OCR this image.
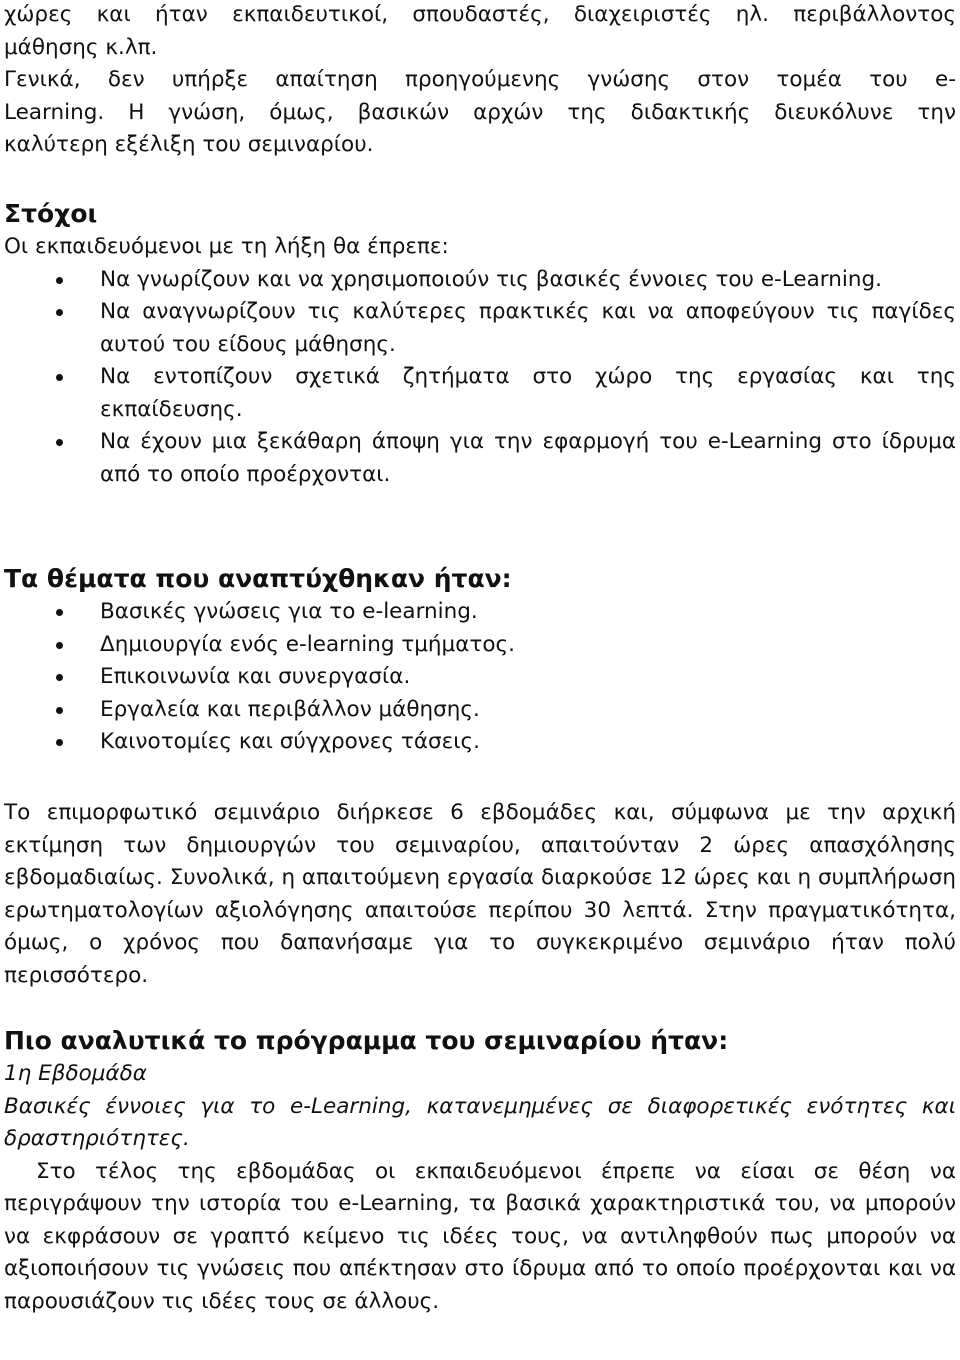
χώρες και ήταν εκπαιδευτικοί, σπουδαστές, διαχειριστές ηλ. περιβάλλοντος

μάθησης κ.λπ.

Γενικά, δεν υπήρξε απαίτηση προηγούμενης γνώσης στον τομέα του e-

Learning. Η γνώση, όμως, βασικών αρχών της διδακτικής διευκόλυνε την

καλύτερη εξέλιξη του σεμιναρίου.

Στόχοι

Οι εκπαιδευόμενοι με τη λήξη θα έπρεπε:

Να γνωρίζουν και να χρησιμοποιούν τις βασικές έννοιες του e-Learning.
Να αναγνωρίζουν τις καλύτερες πρακτικές και να αποφεύγουν τις παγίδες αυτού του είδους μάθησης.
Να εντοπίζουν σχετικά ζητήματα στο χώρο της εργασίας και της εκπαίδευσης.
Να έχουν μια ξεκάθαρη άποψη για την εφαρμογή του e-Learning στο ίδρυμα από το οποίο προέρχονται.
Τα θέματα που αναπτύχθηκαν ήταν:
Βασικές γνώσεις για το e-learning.
Δημιουργία ενός e-learning τμήματος.
Επικοινωνία και συνεργασία.
Εργαλεία και περιβάλλον μάθησης.
Καινοτομίες και σύγχρονες τάσεις.

Το επιμορφωτικό σεμινάριο διήρκεσε 6 εβδομάδες και, σύμφωνα με την αρχική εκτίμηση των δημιουργών του σεμιναρίου, απαιτούνταν 2 ώρες απασχόλησης εβδομαδιαίως. Συνολικά, η απαιτούμενη εργασία διαρκούσε 12 ώρες και η συμπλήρωση ερωτηματολογίων αξιολόγησης απαιτούσε περίπου 30 λεπτά. Στην πραγματικότητα, όμως, ο χρόνος που δαπανήσαμε για το συγκεκριμένο σεμινάριο ήταν πολύ περισσότερο.

Πιο αναλυτικά το πρόγραμμα του σεμιναρίου ήταν:

1η Εβδομάδα

Βασικές έννοιες για το e-Learning, κατανεμημένες σε διαφορετικές ενότητες και δραστηριότητες.

Στο τέλος της εβδομάδας οι εκπαιδευόμενοι έπρεπε να είσαι σε θέση να περιγράψουν την ιστορία του e-Learning, τα βασικά χαρακτηριστικά του, να μπορούν να εκφράσουν σε γραπτό κείμενο τις ιδέες τους, να αντιληφθούν πως μπορούν να αξιοποιήσουν τις γνώσεις που απέκτησαν στο ίδρυμα από το οποίο προέρχονται και να παρουσιάζουν τις ιδέες τους σε άλλους.
